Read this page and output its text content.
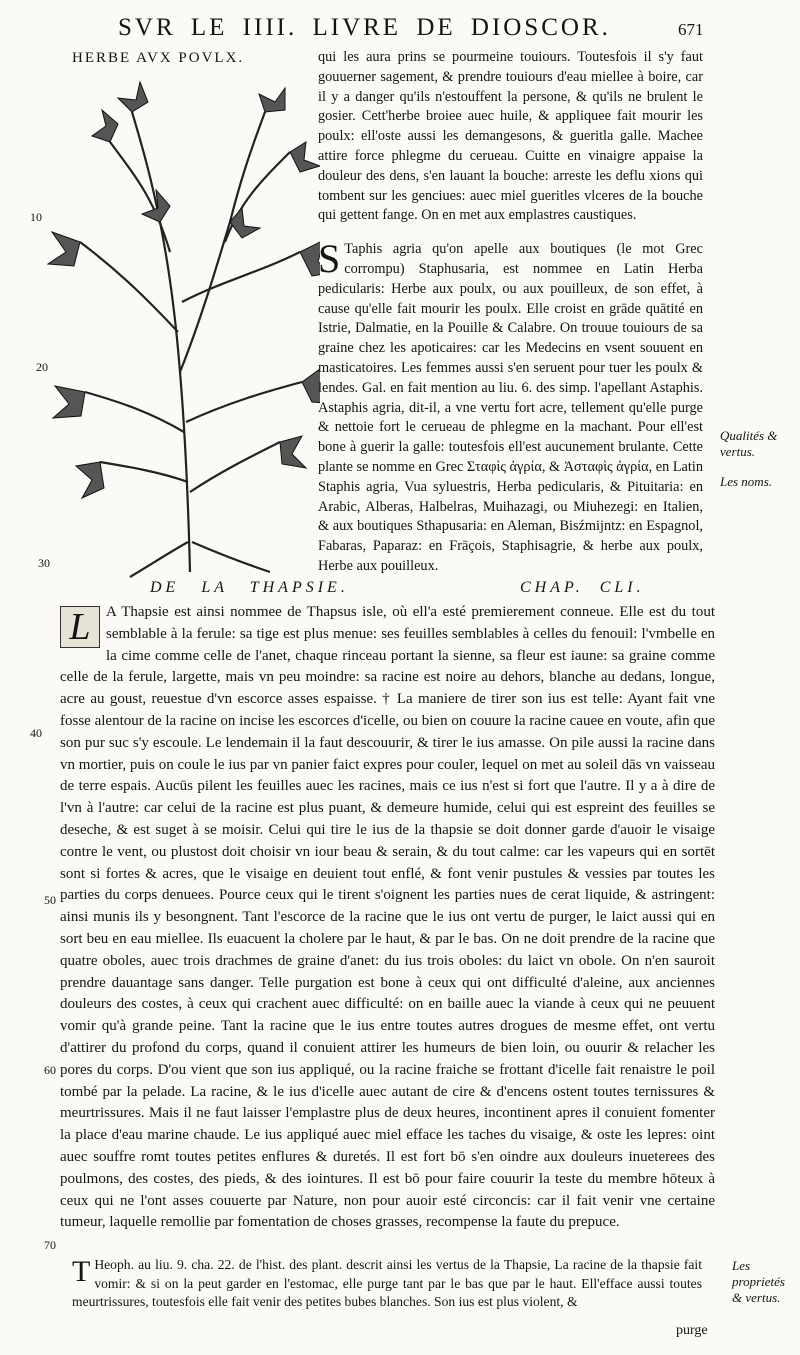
SVR LE IIII. LIVRE DE DIOSCOR.	671
HERBE AVX POVLX.
10
20
30
40
50
60
70

qui les aura prins se pourmeine touiours. Toutesfois il s'y faut gouuerner sagement, & prendre touiours d'eau miellee à boire, car il y a danger qu'ils n'estouffent la persone, & qu'ils ne brulent le gosier. Cett'herbe broiee auec huile, & appliquee fait mourir les poulx: ell'oste aussi les demangesons, & gueritla galle. Machee attire force phlegme du cerueau. Cuitte en vinaigre appaise la douleur des dens, s'en lauant la bouche: arreste les deflu xions qui tombent sur les genciues: auec miel gueritles vlceres de la bouche qui gettent fange. On en met aux emplastres caustiques.

S Taphis agria qu'on apelle aux boutiques (le mot Grec corrompu) Staphusaria, est nommee en Latin Herba pedicularis: Herbe aux poulx, ou aux pouilleux, de son effet, à cause qu'elle fait mourir les poulx. Elle croist en grāde quātité en Istrie, Dalmatie, en la Pouille & Calabre. On trouue touiours de sa graine chez les apoticaires: car les Medecins en vsent souuent en masticatoires. Les femmes aussi s'en seruent pour tuer les poulx & lendes. Gal. en fait mention au liu. 6. des simp. l'apellant Astaphis. Astaphis agria, dit-il, a vne vertu fort acre, tellement qu'elle purge & nettoie fort le cerueau de phlegme en la machant. Pour ell'est bone à guerir la galle: toutesfois ell'est aucunement brulante. Cette plante se nomme en Grec Σταφὶς ἀγρία, & Ἀσταφὶς ἀγρία, en Latin Staphis agria, Vua syluestris, Herba pedicularis, & Pituitaria: en Arabic, Alberas, Halbelras, Muihazagi, ou Miuhezegi: en Italien, & aux boutiques Sthapusaria: en Aleman, Bisźmijntz: en Espagnol, Fabaras, Paparaz: en Frāçois, Staphisagrie, & herbe aux poulx, Herbe aux pouilleux.

Qualités & vertus.
Les noms.
Les proprietés & vertus.
DE LA THAPSIE.	CHAP. CLI.

L	A Thapsie est ainsi nommee de Thapsus isle, où ell'a esté premierement conneue. Elle est du tout semblable à la ferule: sa tige est plus menue: ses feuilles semblables à celles du fenouil: l'vmbelle en la cime comme celle de l'anet, chaque rinceau portant la sienne, sa fleur est iaune: sa graine comme celle de la ferule, largette, mais vn peu moindre: sa racine est noire au dehors, blanche au dedans, longue, acre au goust, reuestue d'vn escorce asses espaisse. † La maniere de tirer son ius est telle: Ayant fait vne fosse alentour de la racine on incise les escorces d'icelle, ou bien on couure la racine cauee en voute, afin que son pur suc s'y escoule. Le lendemain il la faut descouurir, & tirer le ius amasse. On pile aussi la racine dans vn mortier, puis on coule le ius par vn panier faict expres pour couler, lequel on met au soleil dās vn vaisseau de terre espais. Aucūs pilent les feuilles auec les racines, mais ce ius n'est si fort que l'autre. Il y a à dire de l'vn à l'autre: car celui de la racine est plus puant, & demeure humide, celui qui est espreint des feuilles se deseche, & est suget à se moisir. Celui qui tire le ius de la thapsie se doit donner garde d'auoir le visaige contre le vent, ou plustost doit choisir vn iour beau & serain, & du tout calme: car les vapeurs qui en sortēt sont si fortes & acres, que le visaige en deuient tout enflé, & font venir pustules & vessies par toutes les parties du corps denuees. Pource ceux qui le tirent s'oignent les parties nues de cerat liquide, & astringent: ainsi munis ils y besongnent. Tant l'escorce de la racine que le ius ont vertu de purger, le laict aussi qui en sort beu en eau miellee. Ils euacuent la cholere par le haut, & par le bas. On ne doit prendre de la racine que quatre oboles, auec trois drachmes de graine d'anet: du ius trois oboles: du laict vn obole. On n'en sauroit prendre dauantage sans danger. Telle purgation est bone à ceux qui ont difficulté d'aleine, aux anciennes douleurs des costes, à ceux qui crachent auec difficulté: on en baille auec la viande à ceux qui ne peuuent vomir qu'à grande peine. Tant la racine que le ius entre toutes autres drogues de mesme effet, ont vertu d'attirer du profond du corps, quand il conuient attirer les humeurs de bien loin, ou ouurir & relacher les pores du corps. D'ou vient que son ius appliqué, ou la racine fraiche se frottant d'icelle fait renaistre le poil tombé par la pelade. La racine, & le ius d'icelle auec autant de cire & d'encens ostent toutes ternissures & meurtrissures. Mais il ne faut laisser l'emplastre plus de deux heures, incontinent apres il conuient fomenter la place d'eau marine chaude. Le ius appliqué auec miel efface les taches du visaige, & oste les lepres: oint auec souffre romt toutes petites enflures & duretés. Il est fort bō s'en oindre aux douleurs inueterees des poulmons, des costes, des pieds, & des iointures. Il est bō pour faire couurir la teste du membre hōteux à ceux qui ne l'ont asses couuerte par Nature, non pour auoir esté circoncis: car il fait venir vne certaine tumeur, laquelle remollie par fomentation de choses grasses, recompense la faute du prepuce.

T Heoph. au liu. 9. cha. 22. de l'hist. des plant. descrit ainsi les vertus de la Thapsie, La racine de la thapsie fait vomir: & si on la peut garder en l'estomac, elle purge tant par le bas que par le haut. Ell'efface aussi toutes meurtrissures, toutesfois elle fait venir des petites bubes blanches. Son ius est plus violent, &

purge
